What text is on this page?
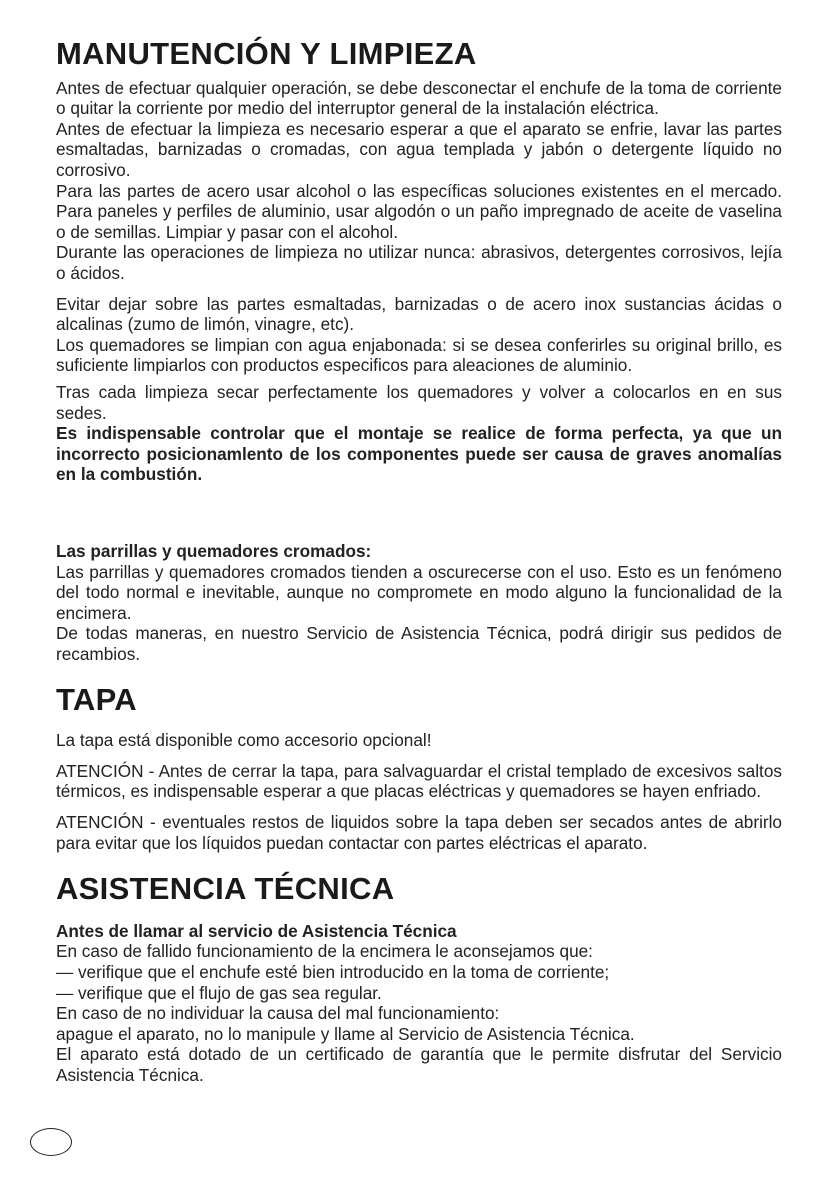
MANUTENCIÓN Y LIMPIEZA

Antes de efectuar qualquier operación, se debe desconectar el enchufe de la toma de corriente o quitar la corriente por medio del interruptor general de la instalación eléctrica.

Antes de efectuar la limpieza es necesario esperar a que el aparato se enfrie, lavar las partes esmaltadas, barnizadas o cromadas, con agua templada y jabón o detergente líquido no corrosivo.

Para las partes de acero usar alcohol o las específicas soluciones existentes en el mercado. Para paneles y perfiles de aluminio, usar algodón o un paño impregnado de aceite de vaselina o de semillas. Limpiar y pasar con el alcohol.

Durante las operaciones de limpieza no utilizar nunca: abrasivos, detergentes corrosivos, lejía o ácidos.

Evitar dejar sobre las partes esmaltadas, barnizadas o de acero inox sustancias ácidas o alcalinas (zumo de limón, vinagre, etc).

Los quemadores se limpian con agua enjabonada: si se desea conferirles su original brillo, es suficiente limpiarlos con productos especificos para aleaciones de aluminio.

Tras cada limpieza secar perfectamente los quemadores y volver a colocarlos en en sus sedes.

Es indispensable controlar que el montaje se realice de forma perfecta, ya que un incorrecto posicionamlento de los componentes puede ser causa de graves anomalías en la combustión.

Las parrillas y quemadores cromados:

Las parrillas y quemadores cromados tienden a oscurecerse con el uso. Esto es un fenómeno del todo normal e inevitable, aunque no compromete en modo alguno la funcionalidad de la encimera.

De todas maneras, en nuestro Servicio de Asistencia Técnica, podrá dirigir sus pedidos de recambios.

TAPA

La tapa está disponible como accesorio opcional!

ATENCIÓN - Antes de cerrar la tapa, para salvaguardar el cristal templado de excesivos saltos térmicos, es indispensable esperar a que placas eléctricas y quemadores se hayen enfriado.

ATENCIÓN - eventuales restos de liquidos sobre la tapa deben ser secados antes de abrirlo para evitar que los líquidos puedan contactar con partes eléctricas el aparato.

ASISTENCIA TÉCNICA

Antes de llamar al servicio de Asistencia Técnica

En caso de fallido funcionamiento de la encimera le aconsejamos que:

— verifique que el enchufe esté bien introducido en la toma de corriente;

— verifique que el flujo de gas sea regular.

En caso de no individuar la causa del mal funcionamiento:

apague el aparato, no lo manipule y llame al Servicio de Asistencia Técnica.

El aparato está dotado de un certificado de garantía que le permite disfrutar del Servicio Asistencia Técnica.
